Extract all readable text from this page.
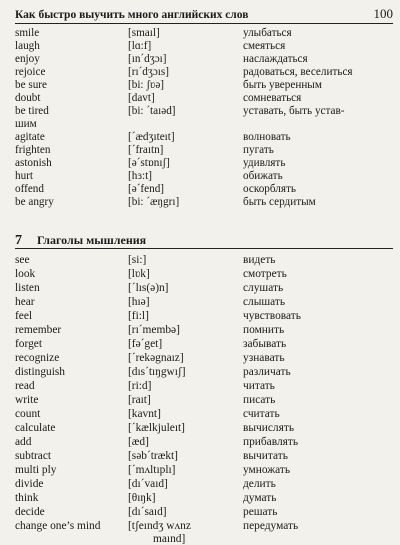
Как быстро выучить много английских слов	100
smile	[smaıl]	улыбаться
laugh	[lɑ:f]	смеяться
enjoy	[ın´dʒɔı]	наслаждаться
rejoice	[rı´dʒɔıs]	радоваться, веселиться
be sure	[bi: ʃʋə]	быть уверенным
doubt	[davt]	сомневаться
be tired	[bi: ´taıəd]	уставать, быть устав-
шим
agitate	[´ædʒıteıt]	волновать
frighten	[´fraıtn]	пугать
astonish	[ə´stɒnıʃ]	удивлять
hurt	[hɜ:t]	обижать
offend	[ə´fend]	оскорблять
be angry	[bi: ´æŋgrı]	быть сердитым
7	Глаголы мышления
see	[si:]	видеть
look	[lʋk]	смотреть
listen	[´lıs(ə)n]	слушать
hear	[hıə]	слышать
feel	[fi:l]	чувствовать
remember	[rı´membə]	помнить
forget	[fə´get]	забывать
recognize	[´rekəgnaız]	узнавать
distinguish	[dıs´tıŋgwıʃ]	различать
read	[ri:d]	читать
write	[raıt]	писать
count	[kavnt]	считать
calculate	[´kælkjuleıt]	вычислять
add	[æd]	прибавлять
subtract	[səb´trækt]	вычитать
multi ply	[´mʌltıplı]	умножать
divide	[dı´vaıd]	делить
think	[θıŋk]	думать
decide	[dı´saıd]	решать
change one’s mind	[tʃeındʒ wʌnz	передумать
maınd]
